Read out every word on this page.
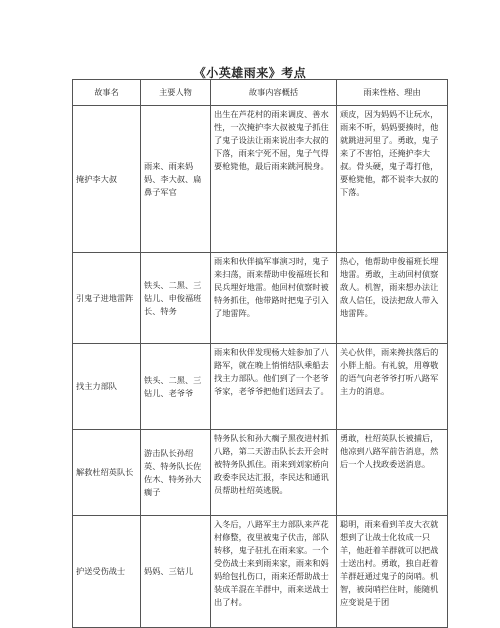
《小英雄雨来》考点
故事名	主要人物	故事内容概括	雨来性格、理由
掩护李大叔	雨来、雨来妈妈、李大叔、扁鼻子军官	出生在芦花村的雨来调皮、善水性，一次掩护李大叔被鬼子抓住了鬼子设法让雨来说出李大叔的下落，雨来宁死不屈，鬼子气得要枪毙他，最后雨来跳河脱身。	顽皮，因为妈妈不让玩水，雨来不听，妈妈要揍时，他就跳进河里了。勇敢，鬼子来了不害怕，还掩护李大叔。骨头硬，鬼子毒打他，要枪毙他，都不说李大叔的下落。
引鬼子进地雷阵	铁头、二黑、三钻儿、申俊福班长、特务	雨来和伙伴搞军事演习时，鬼子来扫荡，雨来帮助申俊福班长和民兵埋好地雷。他回村侦察时被特务抓住，他带路时把鬼子引入了地雷阵。	热心，他帮助申俊福班长埋地雷。勇敢，主动回村侦察敌人。机智，雨来想办法让敌人信任，设法把敌人带入地雷阵。
找主力部队	铁头、二黑、三钻儿、老爷爷	雨来和伙伴发现杨大娃参加了八路军，就在晚上悄悄结队乘船去找主力部队。他们到了一个老爷爷家，老爷爷把他们送回去了。	关心伙伴，雨来搀扶落后的小胖上船。有礼貌，用尊敬的语气向老爷爷打听八路军主力的消息。
解救杜绍英队长	游击队长孙绍英、特务队长佐佐木、特务孙大瘸子	特务队长和孙大瘸子黑夜进村抓八路，第二天游击队长去开会时被特务队抓住。雨来到刘家桥向政委李民达汇报，李民达和通讯员帮助杜绍英逃脱。	勇敢，杜绍英队长被捕后，他凉到八路军前告消息，然后一个人找政委送消息。
护送受伤战士	妈妈、三钻儿	入冬后，八路军主力部队来芦花村修整，夜里被鬼子伏击，部队转移，鬼子驻扎在雨来家。一个受伤战士来到雨来家，雨来和妈妈给包扎伤口，雨来还帮助战士装成羊混在羊群中，雨来送战士出了村。	聪明，雨来看到羊皮大衣就想到了让战士化妆成一只羊，他赶着羊群就可以把战士送出村。勇敢，独自赶着羊群赶通过鬼子的岗哨。机智，被岗哨拦住时，能随机应变说是于团
